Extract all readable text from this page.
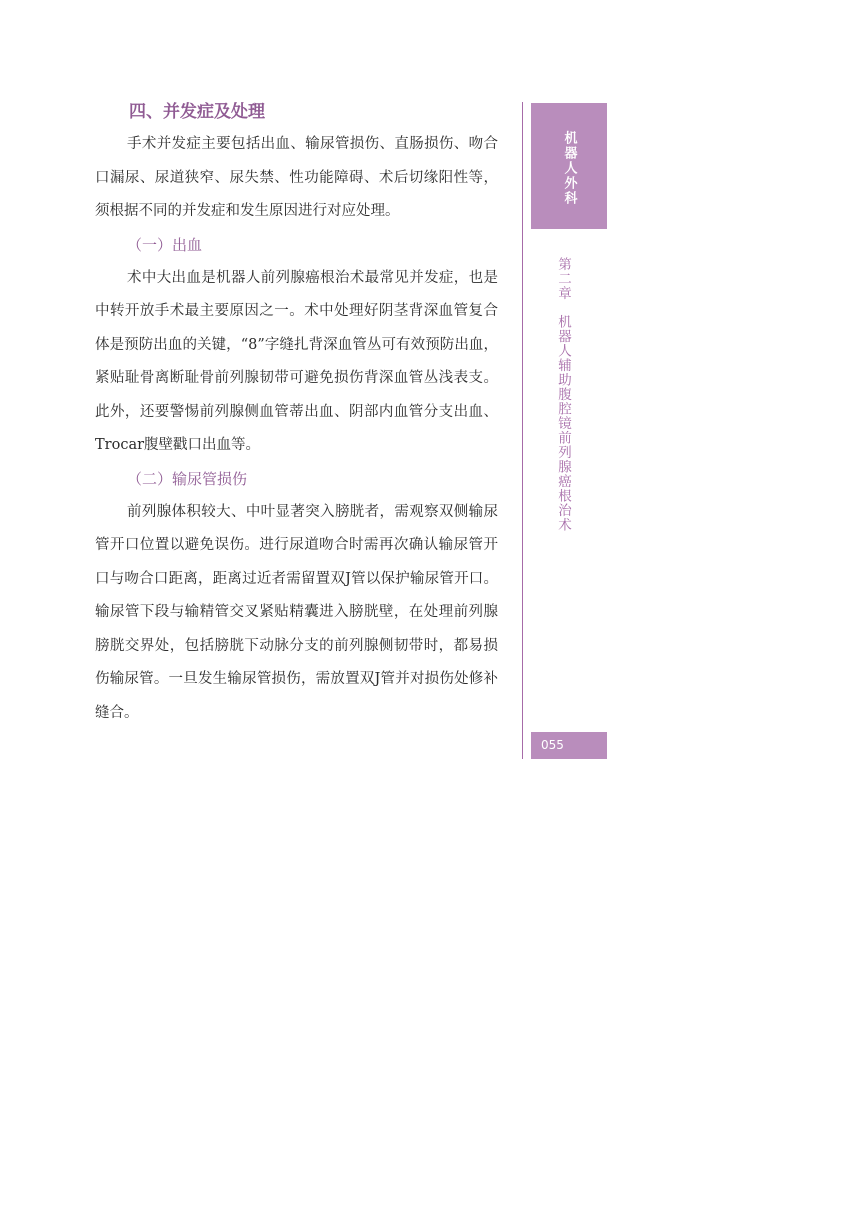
四、并发症及处理

手术并发症主要包括出血、输尿管损伤、直肠损伤、吻合口漏尿、尿道狭窄、尿失禁、性功能障碍、术后切缘阳性等，须根据不同的并发症和发生原因进行对应处理。

（一）出血

术中大出血是机器人前列腺癌根治术最常见并发症，也是中转开放手术最主要原因之一。术中处理好阴茎背深血管复合体是预防出血的关键，“8”字缝扎背深血管丛可有效预防出血，紧贴耻骨离断耻骨前列腺韧带可避免损伤背深血管丛浅表支。此外，还要警惕前列腺侧血管蒂出血、阴部内血管分支出血、Trocar腹壁戳口出血等。

（二）输尿管损伤

前列腺体积较大、中叶显著突入膀胱者，需观察双侧输尿管开口位置以避免误伤。进行尿道吻合时需再次确认输尿管开口与吻合口距离，距离过近者需留置双J管以保护输尿管开口。输尿管下段与输精管交叉紧贴精囊进入膀胱壁，在处理前列腺膀胱交界处，包括膀胱下动脉分支的前列腺侧韧带时，都易损伤输尿管。一旦发生输尿管损伤，需放置双J管并对损伤处修补缝合。

机器人外科
第二章机器人辅助腹腔镜前列腺癌根治术
055
